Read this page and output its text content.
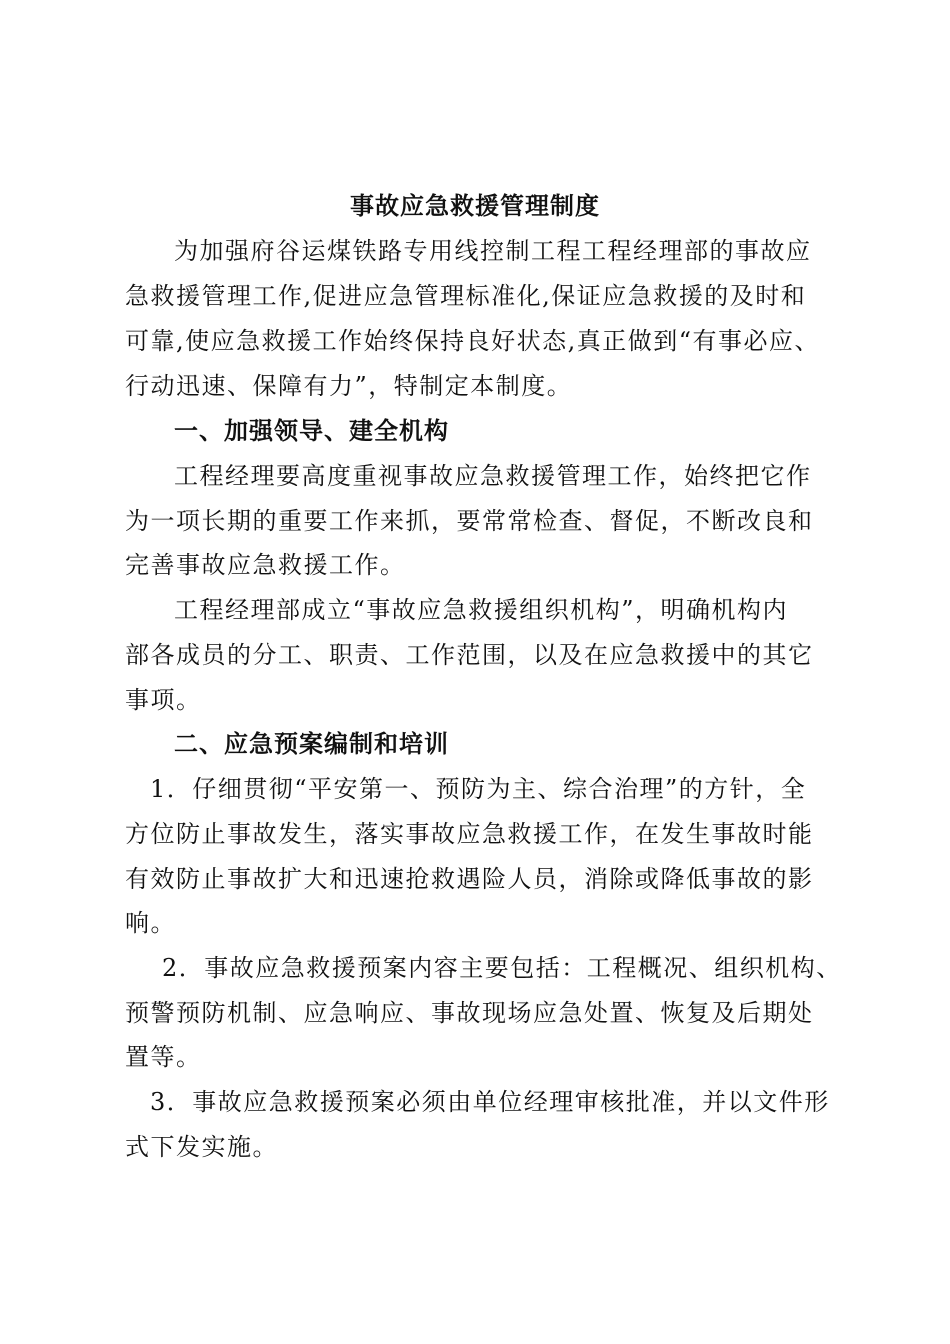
事故应急救援管理制度
为加强府谷运煤铁路专用线控制工程工程经理部的事故应
急救援管理工作,促进应急管理标准化,保证应急救援的及时和
可靠,使应急救援工作始终保持良好状态,真正做到“有事必应、
行动迅速、保障有力”，特制定本制度。
一、加强领导、建全机构
工程经理要高度重视事故应急救援管理工作，始终把它作
为一项长期的重要工作来抓，要常常检查、督促，不断改良和
完善事故应急救援工作。
工程经理部成立“事故应急救援组织机构”，明确机构内
部各成员的分工、职责、工作范围，以及在应急救援中的其它
事项。
二、应急预案编制和培训
1．仔细贯彻“平安第一、预防为主、综合治理”的方针，全
方位防止事故发生，落实事故应急救援工作，在发生事故时能
有效防止事故扩大和迅速抢救遇险人员，消除或降低事故的影
响。
2．事故应急救援预案内容主要包括：工程概况、组织机构、
预警预防机制、应急响应、事故现场应急处置、恢复及后期处
置等。
3．事故应急救援预案必须由单位经理审核批准，并以文件形
式下发实施。
